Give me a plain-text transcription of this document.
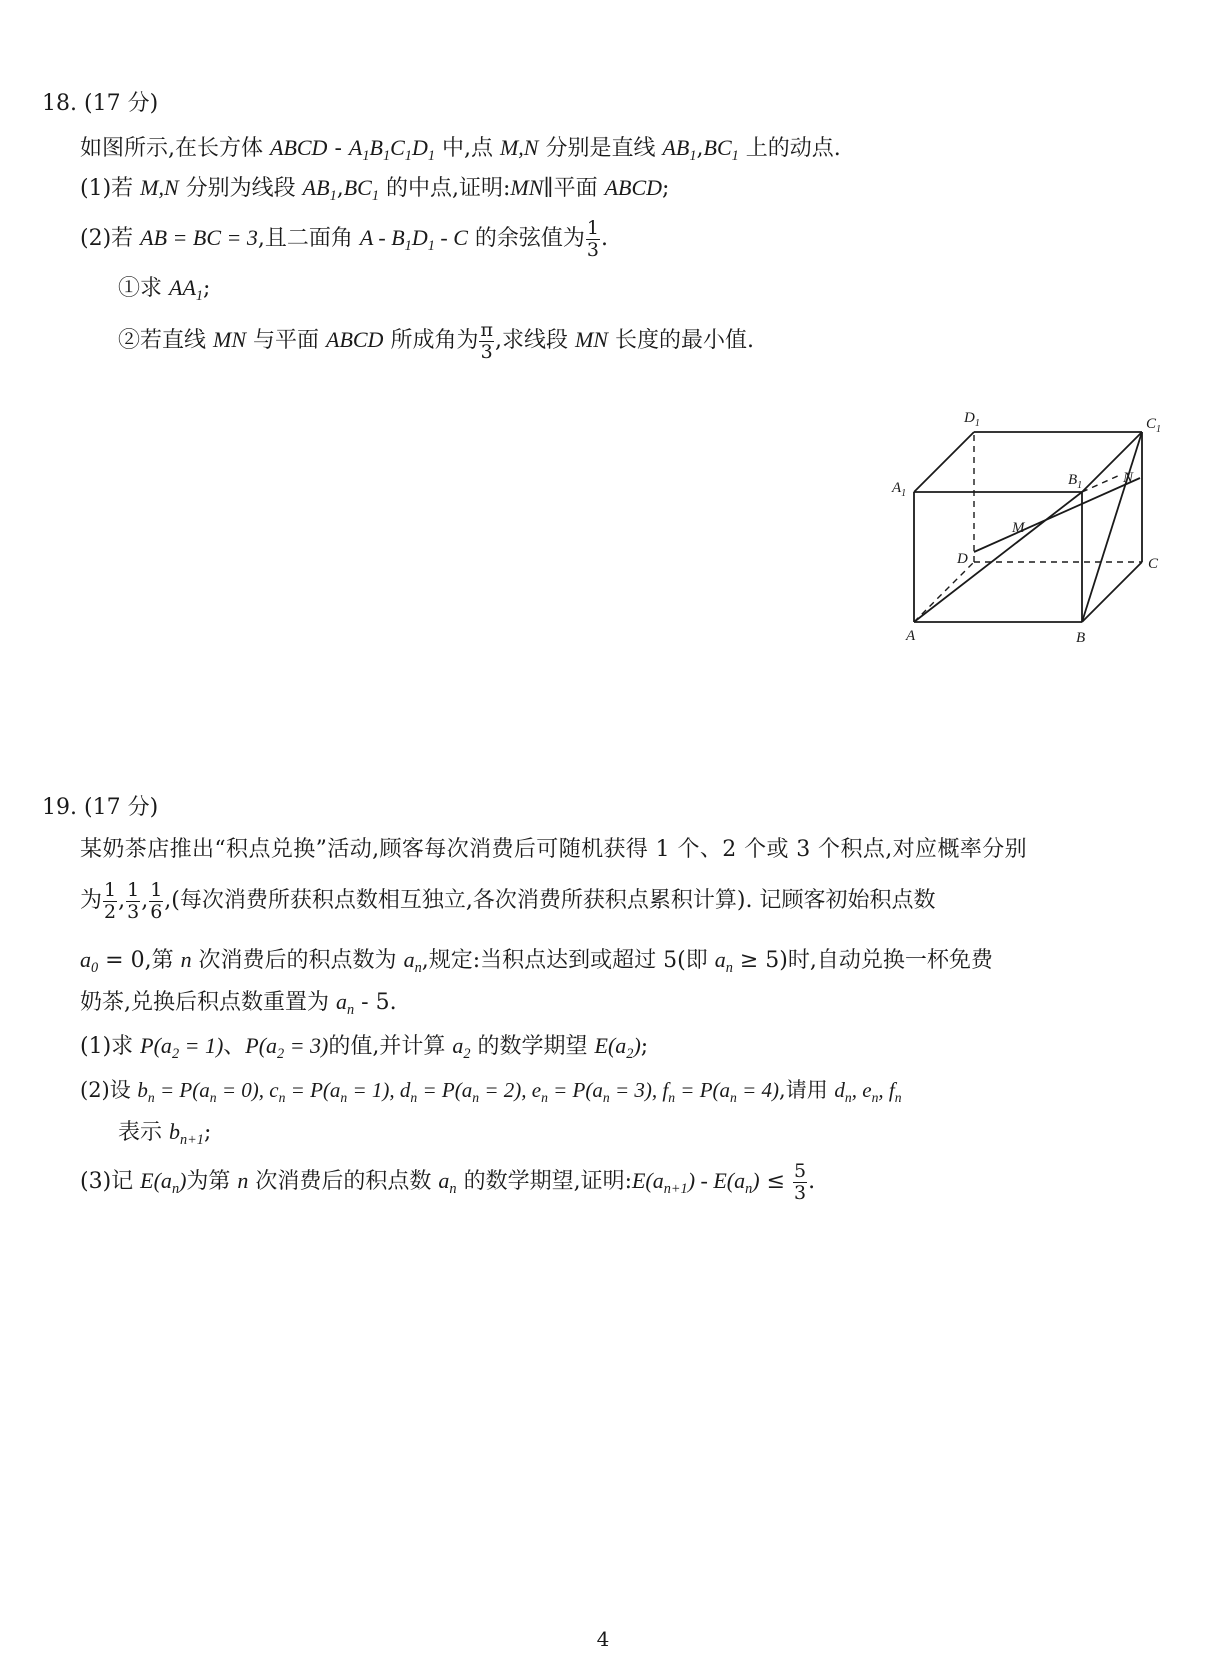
18. (17 分)
如图所示,在长方体 ABCD - $A_1B_1C_1D_1$ 中,点 M,N 分别是直线 $AB_1,BC_1$ 上的动点.
(1)若 M,N 分别为线段 $AB_1,BC_1$ 的中点,证明:MN∥平面 ABCD;
(2)若 AB = BC = 3,且二面角 A - $B_1D_1$ - C 的余弦值为 $\frac{1}{3}$ .
①求 $AA_1$;
②若直线 MN 与平面 ABCD 所成角为 $\frac{\pi}{3}$ ,求线段 MN 长度的最小值.
A	B
C
D
$A_1$
$B_1$
$C_1$
$D_1$
M
N
19. (17 分)
某奶茶店推出“积点兑换”活动,顾客每次消费后可随机获得 1 个、2 个或 3 个积点,对应概率分别
为 $\frac{1}{2}$ , $\frac{1}{3}$ , $\frac{1}{6}$ ,(每次消费所获积点数相互独立,各次消费所获积点累积计算). 记顾客初始积点数
$a_0 = 0$,第 n 次消费后的积点数为 $a_n$,规定:当积点达到或超过 5(即 $a_n \ge 5$)时,自动兑换一杯免费
奶茶,兑换后积点数重置为 $a_n - 5$.
(1)求 $P(a_2 = 1)$、$P(a_2 = 3)$的值,并计算 $a_2$ 的数学期望 $E(a_2)$;
(2)设 $b_n = P(a_n = 0)$, $c_n = P(a_n = 1)$, $d_n = P(a_n = 2)$, $e_n = P(a_n = 3)$, $f_n = P(a_n = 4)$,请用 $d_n$, $e_n$, $f_n$
表示 $b_{n+1}$;
(3)记 $E(a_n)$为第 n 次消费后的积点数 $a_n$ 的数学期望,证明$:E(a_{n+1}) - E(a_n) \le \frac{5}{3}$ .
4
